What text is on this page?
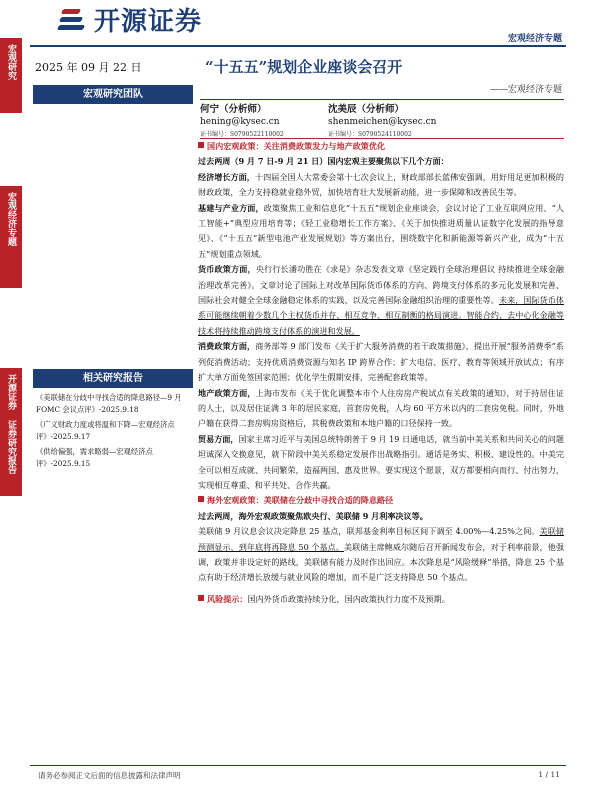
开源证券
宏观经济专题
宏观研究
宏观经济专题
开源证券 证券研究报告
2025 年 09 月 22 日	“十五五”规划企业座谈会召开
——宏观经济专题
宏观研究团队
何宁（分析师）
hening@kysec.cn
证书编号：S0790522110002
沈美辰（分析师）
shenmeichen@kysec.cn
证书编号：S0790524110002

国内宏观政策：关注消费政策发力与地产政策优化

过去两周（9 月 7 日-9 月 21 日）国内宏观主要聚焦以下几个方面：

经济增长方面，十四届全国人大常委会第十七次会议上，财政部部长蓝佛安强调，用好用足更加积极的财政政策，全力支持稳就业稳外贸，加快培育壮大发展新动能，进一步保障和改善民生等。

基建与产业方面，政策聚焦工业和信息化“十五五”规划企业座谈会，会议讨论了工业互联网应用、“人工智能+”典型应用培育等；《轻工业稳增长工作方案》、《关于加快推进质量认证数字化发展的指导意见》、《“十五五”新型电池产业发展规划》等方案出台，围绕数字化和新能源等新兴产业，成为“十五五”规划重点领域。

货币政策方面，央行行长潘功胜在《求是》杂志发表文章《坚定践行全球治理倡议 持续推进全球金融治理改革完善》。文章讨论了国际上对改革国际货币体系的方向、跨境支付体系的多元化发展和完善、国际社会对健全全球金融稳定体系的实践、以及完善国际金融组织治理的重要性等。未来，国际货币体系可能继续朝着少数几个主权货币并存、相互竞争、相互制衡的格局演进。智能合约、去中心化金融等技术将持续推动跨境支付体系的演进和发展。

消费政策方面，商务部等 9 部门发布《关于扩大服务消费的若干政策措施》，提出开展“服务消费季”系列促消费活动；支持优质消费资源与知名 IP 跨界合作；扩大电信、医疗、教育等领域开放试点；有序扩大单方面免签国家范围；优化学生假期安排，完善配套政策等。

地产政策方面，上海市发布《关于优化调整本市个人住房房产税试点有关政策的通知》，对于持居住证的人士，以及居住证满 3 年的居民家庭，首套房免税，人均 60 平方米以内的二套房免税。同时，外地户籍在获得二套房购房资格后，其税费政策和本地户籍的口径保持一致。

贸易方面，国家主席习近平与美国总统特朗普于 9 月 19 日通电话，就当前中美关系和共同关心的问题坦诚深入交换意见，就下阶段中美关系稳定发展作出战略指引。通话是务实、积极、建设性的。中美完全可以相互成就、共同繁荣，造福两国、惠及世界。要实现这个愿景，双方都要相向而行、付出努力，实现相互尊重、和平共处、合作共赢。

海外宏观政策：美联储在分歧中寻找合适的降息路径

过去两周，海外宏观政策聚焦欧央行、美联储 9 月利率决议等。

美联储 9 月议息会议决定降息 25 基点，联邦基金利率目标区间下调至 4.00%—4.25%之间。美联储预测显示，到年底将再降息 50 个基点。美联储主席鲍威尔随后召开新闻发布会，对于利率前景，他强调，政策并非设定好的路线，美联储有能力及时作出回应。本次降息是“风险缓释”举措，降息 25 个基点有助于经济增长放缓与就业风险的增加，而不是广泛支持降息 50 个基点。

风险提示：国内外货币政策持续分化，国内政策执行力度不及预期。

相关研究报告
《美联储在分歧中寻找合适的降息路径—9 月 FOMC 会议点评》-2025.9.18
《广义财政力度或将温和下降—宏观经济点评》-2025.9.17
《供给偏强，需求略弱—宏观经济点评》-2025.9.15
请务必参阅正文后面的信息披露和法律声明	1 / 11
